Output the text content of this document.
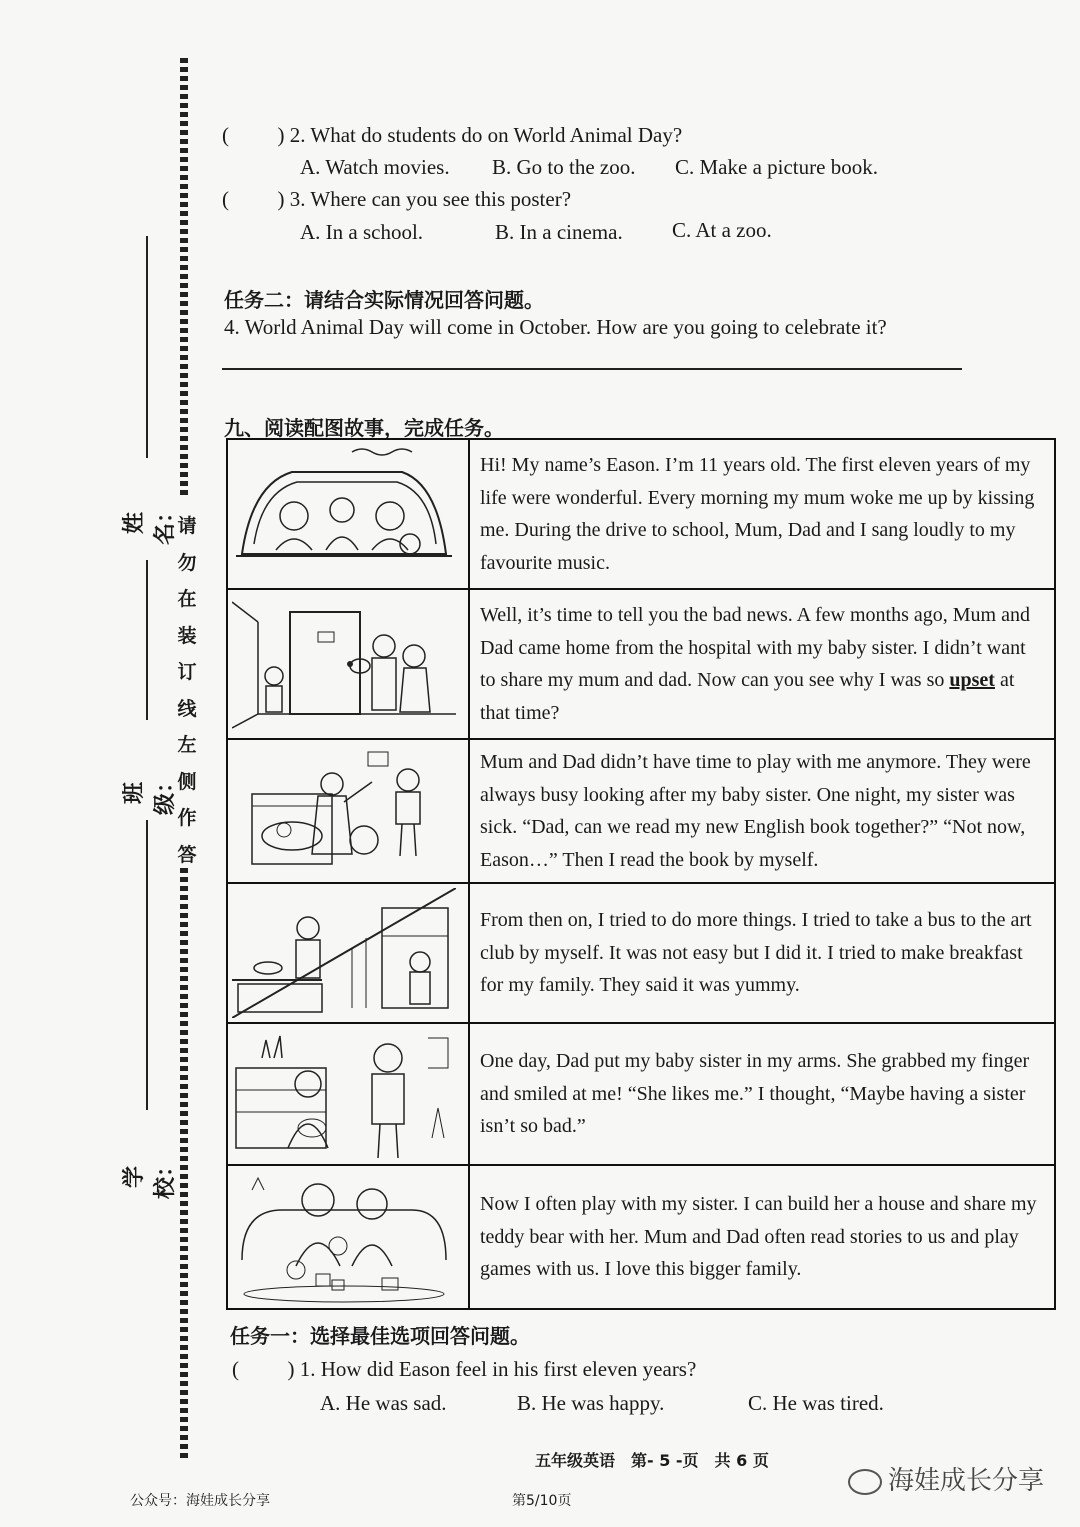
请
勿
在
装
订
线
左
侧
作
答
姓名：
班级：
学校：
( ) 2. What do students do on World Animal Day?
A. Watch movies. B. Go to the zoo. C. Make a picture book.
( ) 3. Where can you see this poster?
A. In a school.	B. In a cinema. C. At a zoo.
任务二：请结合实际情况回答问题。
4. World Animal Day will come in October. How are you going to celebrate it?
九、阅读配图故事，完成任务。
	Hi! My name’s Eason. I’m 11 years old. The first eleven years of my life were wonderful. Every morning my mum woke me up by kissing me. During the drive to school, Mum, Dad and I sang loudly to my favourite music.

	Well, it’s time to tell you the bad news. A few months ago, Mum and Dad came home from the hospital with my baby sister. I didn’t want to share my mum and dad. Now can you see why I was so upset at that time?

	Mum and Dad didn’t have time to play with me anymore. They were always busy looking after my baby sister. One night, my sister was sick. “Dad, can we read my new English book together?” “Not now, Eason…” Then I read the book by myself.

	From then on, I tried to do more things. I tried to take a bus to the art club by myself. It was not easy but I did it. I tried to make breakfast for my family. They said it was yummy.

	One day, Dad put my baby sister in my arms. She grabbed my finger and smiled at me! “She likes me.” I thought, “Maybe having a sister isn’t so bad.”

	Now I often play with my sister. I can build her a house and share my teddy bear with her. Mum and Dad often read stories to us and play games with us. I love this bigger family.
任务一：选择最佳选项回答问题。
( ) 1. How did Eason feel in his first eleven years?
A. He was sad.	B. He was happy.	C. He was tired.
五年级英语　第- 5 -页　共 6 页
公众号：海娃成长分享	第5/10页
海娃成长分享
